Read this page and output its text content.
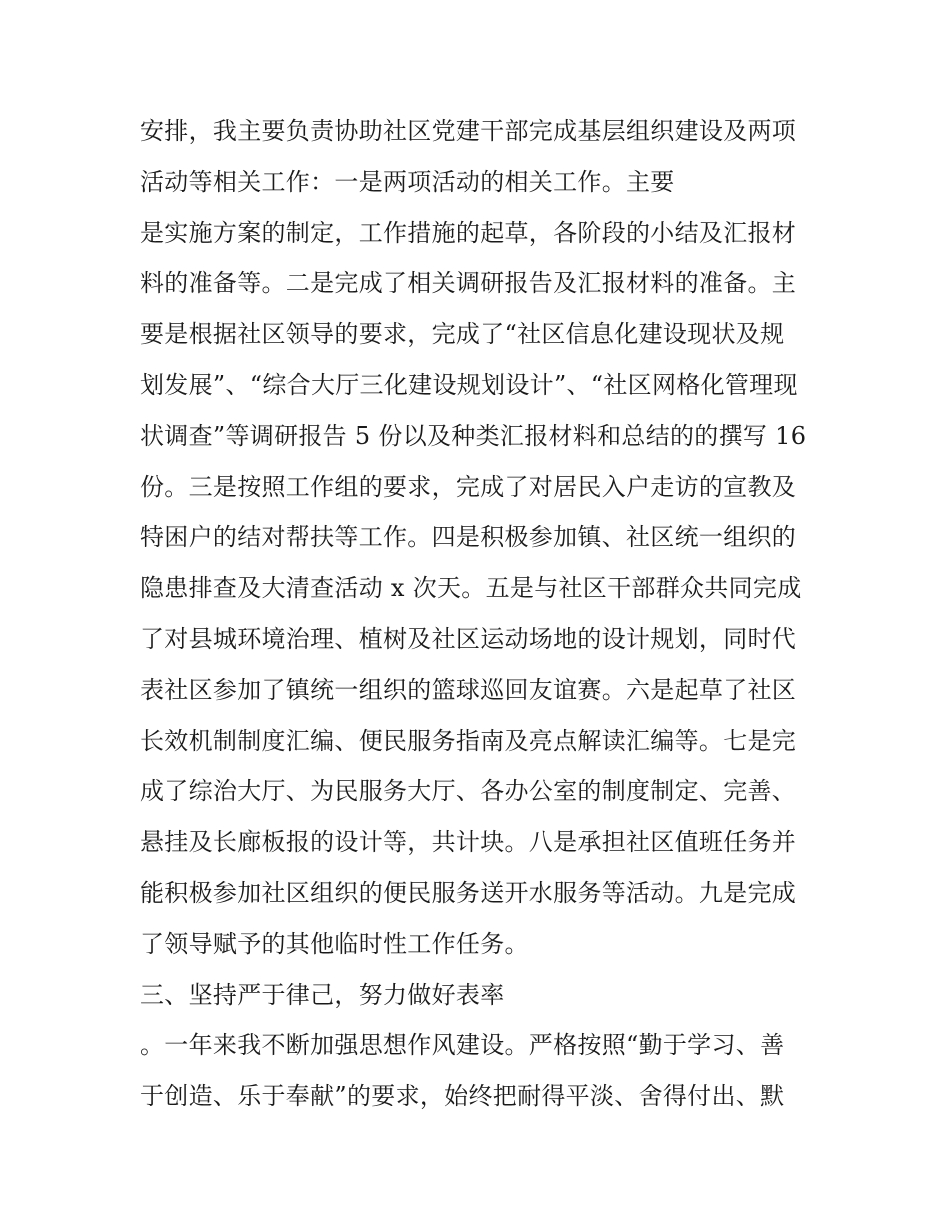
安排，我主要负责协助社区党建干部完成基层组织建设及两项
活动等相关工作：一是两项活动的相关工作。主要
是实施方案的制定，工作措施的起草，各阶段的小结及汇报材
料的准备等。二是完成了相关调研报告及汇报材料的准备。主
要是根据社区领导的要求，完成了“社区信息化建设现状及规
划发展”、“综合大厅三化建设规划设计”、“社区网格化管理现
状调查”等调研报告 5 份以及种类汇报材料和总结的的撰写 16
份。三是按照工作组的要求，完成了对居民入户走访的宣教及
特困户的结对帮扶等工作。四是积极参加镇、社区统一组织的
隐患排查及大清查活动 x 次天。五是与社区干部群众共同完成
了对县城环境治理、植树及社区运动场地的设计规划，同时代
表社区参加了镇统一组织的篮球巡回友谊赛。六是起草了社区
长效机制制度汇编、便民服务指南及亮点解读汇编等。七是完
成了综治大厅、为民服务大厅、各办公室的制度制定、完善、
悬挂及长廊板报的设计等，共计块。八是承担社区值班任务并
能积极参加社区组织的便民服务送开水服务等活动。九是完成
了领导赋予的其他临时性工作任务。
三、坚持严于律己，努力做好表率
。一年来我不断加强思想作风建设。严格按照“勤于学习、善
于创造、乐于奉献”的要求，始终把耐得平淡、舍得付出、默
